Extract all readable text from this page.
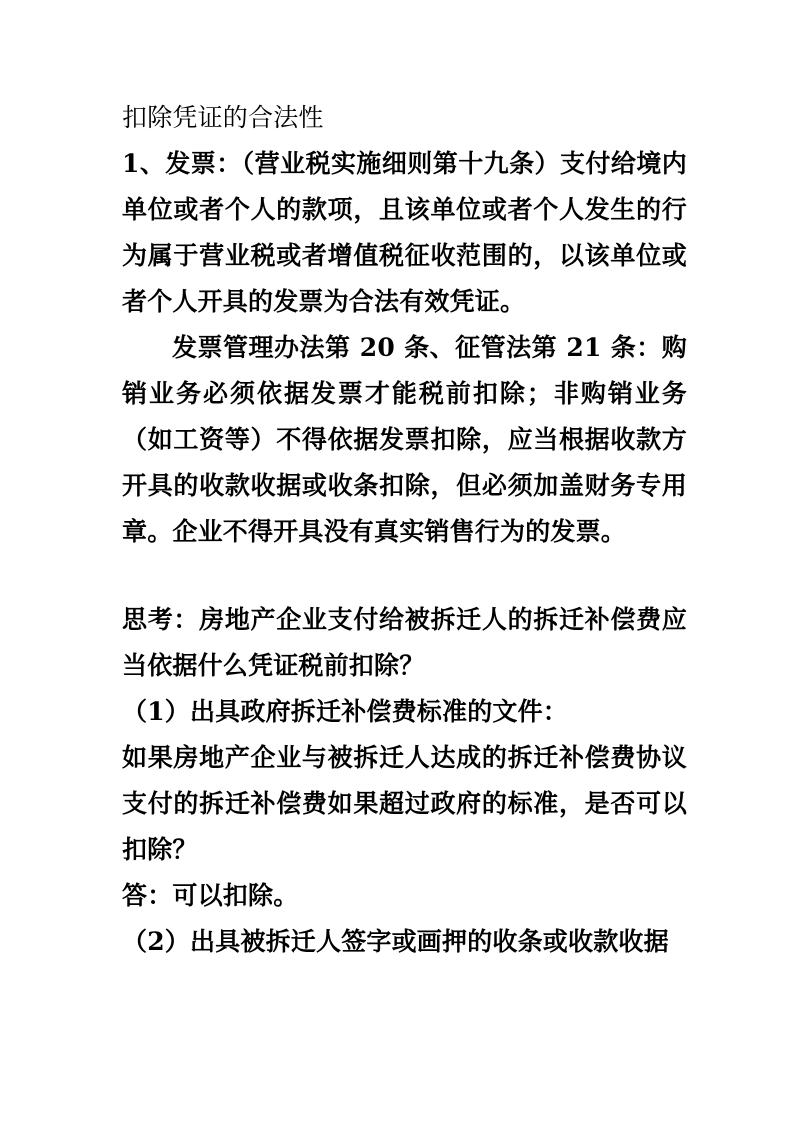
扣除凭证的合法性

1、发票：（营业税实施细则第十九条）支付给境内单位或者个人的款项，且该单位或者个人发生的行为属于营业税或者增值税征收范围的，以该单位或者个人开具的发票为合法有效凭证。

发票管理办法第 20 条、征管法第 21 条：购销业务必须依据发票才能税前扣除；非购销业务（如工资等）不得依据发票扣除，应当根据收款方开具的收款收据或收条扣除，但必须加盖财务专用章。企业不得开具没有真实销售行为的发票。

思考：房地产企业支付给被拆迁人的拆迁补偿费应当依据什么凭证税前扣除？

（1）出具政府拆迁补偿费标准的文件：

如果房地产企业与被拆迁人达成的拆迁补偿费协议支付的拆迁补偿费如果超过政府的标准，是否可以扣除？

答：可以扣除。

（2）出具被拆迁人签字或画押的收条或收款收据
